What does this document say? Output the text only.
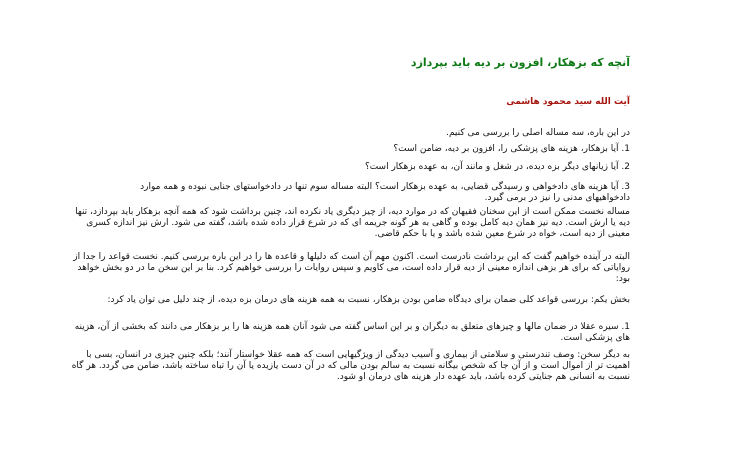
آنچه که بزهکار، افزون بر دیه باید بپردازد
آیت الله سید محمود هاشمی
در این باره، سه مساله اصلی را بررسی می کنیم.
1. آیا بزهکار، هزینه های پزشکی را، افزون بر دیه، ضامن است؟
2. آیا زیانهای دیگر بزه دیده، در شغل و مانند آن، به عهده بزهکار است؟
3. آیا هزینه های دادخواهی و رسیدگی قضایی، به عهده بزهکار است؟ البته مساله سوم تنها در دادخواستهای جنایی نبوده و همه موارد دادخواهیهای مدنی را نیز در برمی گیرد.
مساله نخست ممکن است از این سخنان فقیهان که در موارد دیه، از چیز دیگری یاد نکرده اند، چنین برداشت شود که همه آنچه بزهکار باید بپردازد، تنها دیه یا ارش است. دیه نیز همان دیه کامل بوده و گاهی به هر گونه جریمه ای که در شرع قرار داده شده باشد، گفته می شود. ارش نیز اندازه کسری معینی از دیه است، خواه در شرع معین شده باشد و یا با حکم قاضی.
البته در آینده خواهیم گفت که این برداشت نادرست است. اکنون مهم آن است که دلیلها و قاعده ها را در این باره بررسی کنیم. نخست قواعد را جدا از روایاتی که برای هر بزهی اندازه معینی از دیه قرار داده است، می کاویم و سپس روایات را بررسی خواهیم کرد. بنا بر این سخن ما در دو بخش خواهد بود:
بخش یکم: بررسی قواعد کلی ضمان برای دیدگاه ضامن بودن بزهکار، نسبت به همه هزینه های درمان بزه دیده، از چند دلیل می توان یاد کرد:
1. سیره عقلا در ضمان مالها و چیزهای متعلق به دیگران و بر این اساس گفته می شود آنان همه هزینه ها را بر بزهکار می دانند که بخشی از آن، هزینه های پزشکی است.
به دیگر سخن: وصف تندرستی و سلامتی از بیماری و آسیب دیدگی از ویژگیهایی است که همه عقلا خواستار آنند؛ بلکه چنین چیزی در انسان، بسی با اهمیت تر از اموال است و از آن جا که شخص بیگانه نسبت به سالم بودن مالی که در آن دست یازیده یا آن را تباه ساخته باشد، ضامن می گردد. هر گاه نسبت به انسانی هم جنایتی کرده باشد، باید عهده دار هزینه های درمان او شود.
